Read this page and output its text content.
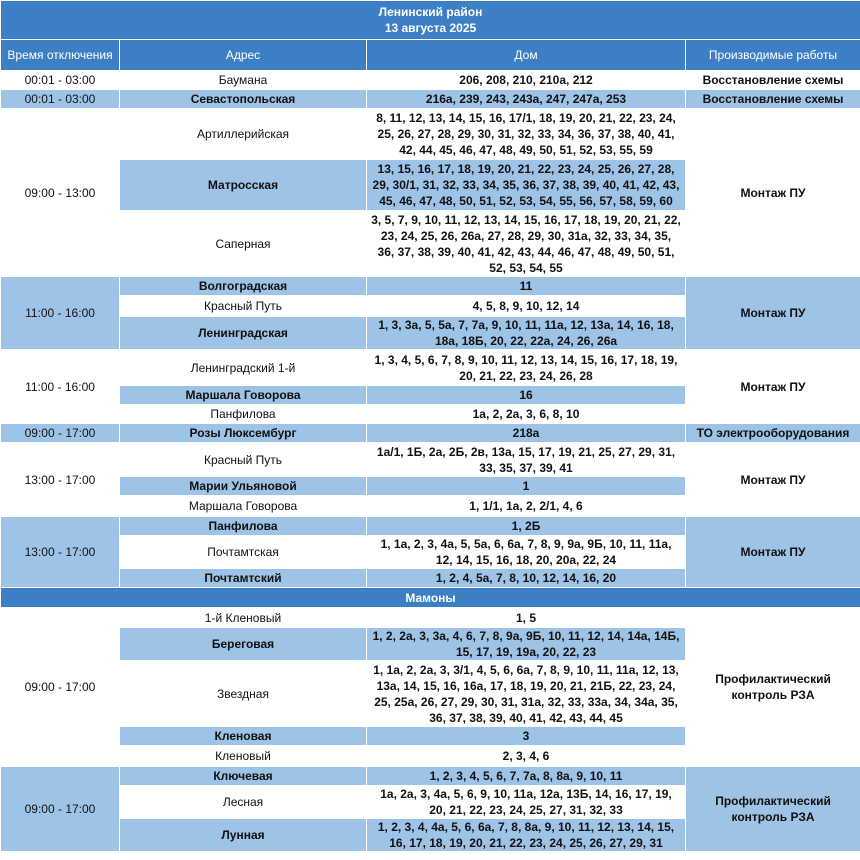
Ленинский район
13 августа 2025			

Время отключения	Адрес	Дом	Производимые работы
00:01 - 03:00	Баумана	206, 208, 210, 210а, 212	Восстановление схемы
00:01 - 03:00	Севастопольская	216а, 239, 243, 243а, 247, 247а, 253	Восстановление схемы
09:00 - 13:00	Артиллерийская	8, 11, 12, 13, 14, 15, 16, 17/1, 18, 19, 20, 21, 22, 23, 24, 25, 26, 27, 28, 29, 30, 31, 32, 33, 34, 36, 37, 38, 40, 41, 42, 44, 45, 46, 47, 48, 49, 50, 51, 52, 53, 55, 59	Монтаж ПУ
	Матросская	13, 15, 16, 17, 18, 19, 20, 21, 22, 23, 24, 25, 26, 27, 28, 29, 30/1, 31, 32, 33, 34, 35, 36, 37, 38, 39, 40, 41, 42, 43, 45, 46, 47, 48, 50, 51, 52, 53, 54, 55, 56, 57, 58, 59, 60	
	Саперная	3, 5, 7, 9, 10, 11, 12, 13, 14, 15, 16, 17, 18, 19, 20, 21, 22, 23, 24, 25, 26, 26а, 27, 28, 29, 30, 31а, 32, 33, 34, 35, 36, 37, 38, 39, 40, 41, 42, 43, 44, 46, 47, 48, 49, 50, 51, 52, 53, 54, 55	
11:00 - 16:00	Волгоградская	11	Монтаж ПУ
	Красный Путь	4, 5, 8, 9, 10, 12, 14	
	Ленинградская	1, 3, 3а, 5, 5а, 7, 7а, 9, 10, 11, 11а, 12, 13а, 14, 16, 18, 18а, 18Б, 20, 22, 22а, 24, 26, 26а	
11:00 - 16:00	Ленинградский 1-й	1, 3, 4, 5, 6, 7, 8, 9, 10, 11, 12, 13, 14, 15, 16, 17, 18, 19, 20, 21, 22, 23, 24, 26, 28	Монтаж ПУ
	Маршала Говорова	16	
	Панфилова	1а, 2, 2а, 3, 6, 8, 10	
09:00 - 17:00	Розы Люксембург	218а	ТО электрооборудования
13:00 - 17:00	Красный Путь	1а/1, 1Б, 2а, 2Б, 2в, 13а, 15, 17, 19, 21, 25, 27, 29, 31, 33, 35, 37, 39, 41	Монтаж ПУ
	Марии Ульяновой	1	
	Маршала Говорова	1, 1/1, 1а, 2, 2/1, 4, 6	
13:00 - 17:00	Панфилова	1, 2Б	Монтаж ПУ
	Почтамтская	1, 1а, 2, 3, 4а, 5, 5а, 6, 6а, 7, 8, 9, 9а, 9Б, 10, 11, 11а, 12, 14, 15, 16, 18, 20, 20а, 22, 24	
	Почтамтский	1, 2, 4, 5а, 7, 8, 10, 12, 14, 16, 20	
Мамоны			
09:00 - 17:00	1-й Кленовый	1, 5	Профилактический контроль РЗА
	Береговая	1, 2, 2а, 3, 3а, 4, 6, 7, 8, 9а, 9Б, 10, 11, 12, 14, 14а, 14Б, 15, 17, 19, 19а, 20, 22, 23	
	Звездная	1, 1а, 2, 2а, 3, 3/1, 4, 5, 6, 6а, 7, 8, 9, 10, 11, 11а, 12, 13, 13а, 14, 15, 16, 16а, 17, 18, 19, 20, 21, 21Б, 22, 23, 24, 25, 25а, 26, 27, 29, 30, 31, 31а, 32, 33, 33а, 34, 34а, 35, 36, 37, 38, 39, 40, 41, 42, 43, 44, 45	
	Кленовая	3	
	Кленовый	2, 3, 4, 6	
09:00 - 17:00	Ключевая	1, 2, 3, 4, 5, 6, 7, 7а, 8, 8а, 9, 10, 11	Профилактический контроль РЗА
	Лесная	1а, 2а, 3, 4а, 5, 6, 9, 10, 11а, 12а, 13Б, 14, 16, 17, 19, 20, 21, 22, 23, 24, 25, 27, 31, 32, 33	
	Лунная	1, 2, 3, 4, 4а, 5, 6, 6а, 7, 8, 8а, 9, 10, 11, 12, 13, 14, 15, 16, 17, 18, 19, 20, 21, 22, 23, 24, 25, 26, 27, 29, 31	
